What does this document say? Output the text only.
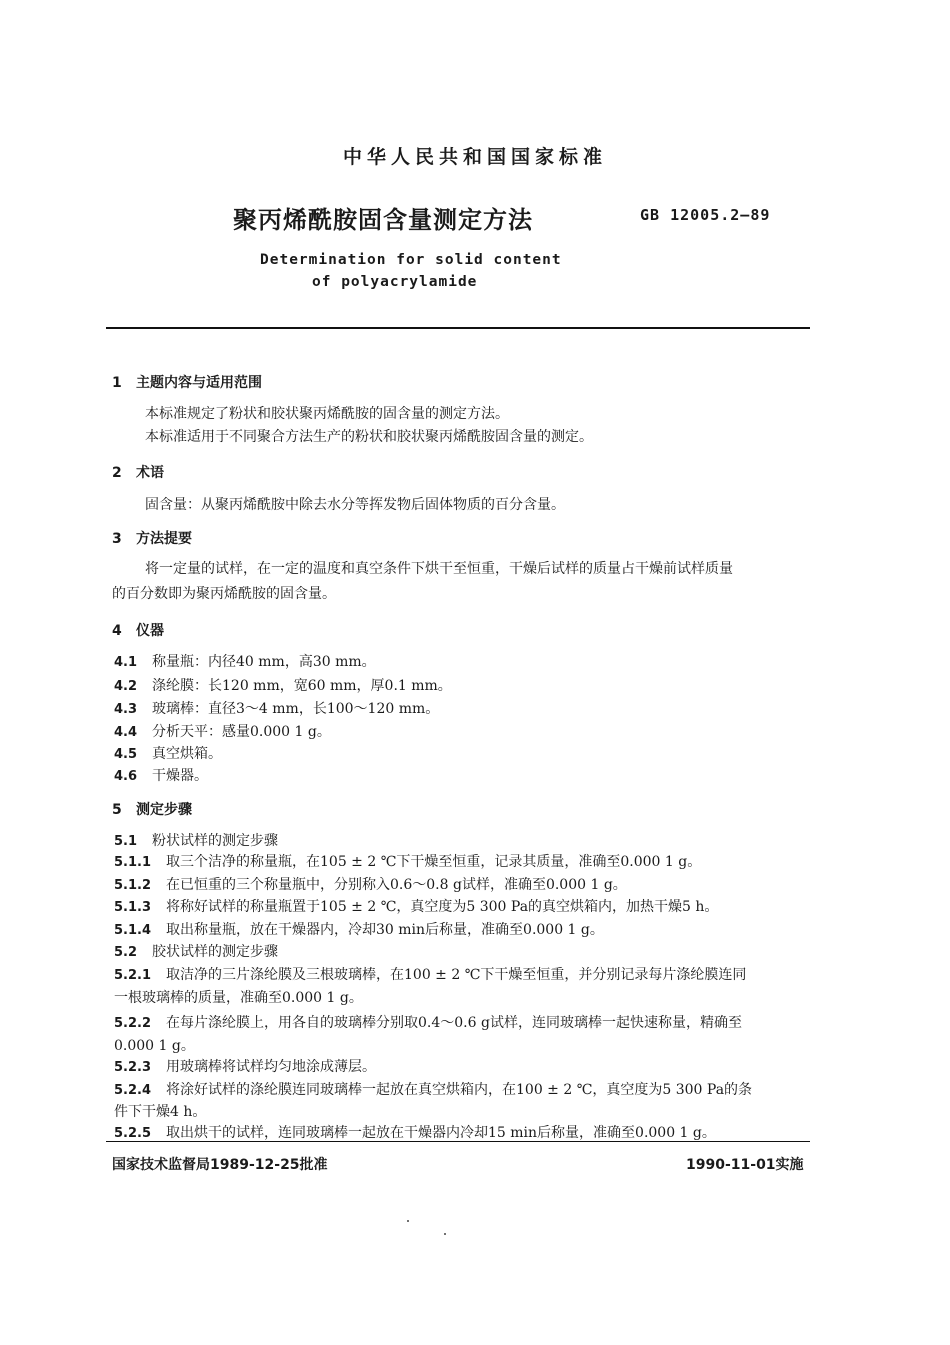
中华人民共和国国家标准
聚丙烯酰胺固含量测定方法	GB 12005.2—89
Determination for solid content
of polyacrylamide
1 主题内容与适用范围
本标准规定了粉状和胶状聚丙烯酰胺的固含量的测定方法。
本标准适用于不同聚合方法生产的粉状和胶状聚丙烯酰胺固含量的测定。
2 术语
固含量：从聚丙烯酰胺中除去水分等挥发物后固体物质的百分含量。
3 方法提要
将一定量的试样，在一定的温度和真空条件下烘干至恒重，干燥后试样的质量占干燥前试样质量
的百分数即为聚丙烯酰胺的固含量。
4 仪器
4.1 称量瓶：内径40 mm，高30 mm。
4.2 涤纶膜：长120 mm，宽60 mm，厚0.1 mm。
4.3 玻璃棒：直径3～4 mm，长100～120 mm。
4.4 分析天平：感量0.000 1 g。
4.5 真空烘箱。
4.6 干燥器。
5 测定步骤
5.1 粉状试样的测定步骤
5.1.1 取三个洁净的称量瓶，在105 ± 2 ℃下干燥至恒重，记录其质量，准确至0.000 1 g。
5.1.2 在已恒重的三个称量瓶中，分别称入0.6～0.8 g试样，准确至0.000 1 g。
5.1.3 将称好试样的称量瓶置于105 ± 2 ℃，真空度为5 300 Pa的真空烘箱内，加热干燥5 h。
5.1.4 取出称量瓶，放在干燥器内，冷却30 min后称量，准确至0.000 1 g。
5.2 胶状试样的测定步骤
5.2.1 取洁净的三片涤纶膜及三根玻璃棒，在100 ± 2 ℃下干燥至恒重，并分别记录每片涤纶膜连同
一根玻璃棒的质量，准确至0.000 1 g。
5.2.2 在每片涤纶膜上，用各自的玻璃棒分别取0.4～0.6 g试样，连同玻璃棒一起快速称量，精确至
0.000 1 g。
5.2.3 用玻璃棒将试样均匀地涂成薄层。
5.2.4 将涂好试样的涤纶膜连同玻璃棒一起放在真空烘箱内，在100 ± 2 ℃，真空度为5 300 Pa的条
件下干燥4 h。
5.2.5 取出烘干的试样，连同玻璃棒一起放在干燥器内冷却15 min后称量，准确至0.000 1 g。
国家技术监督局1989-12-25批准	1990-11-01实施
